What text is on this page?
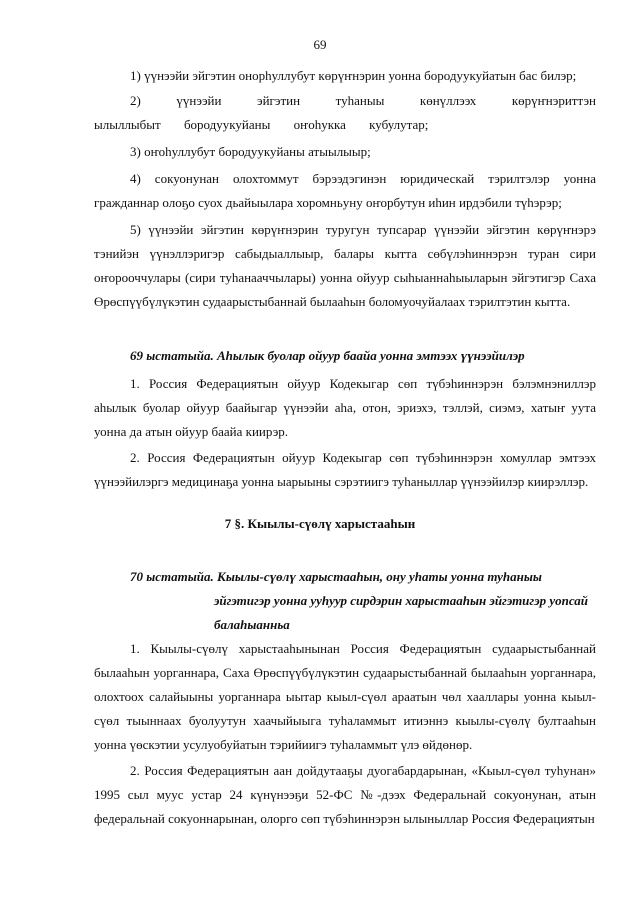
69

1) үүнээйи эйгэтин онорһуллубут көрүҥнэрин уонна бородуукуйатын бас билэр;

2) үүнээйи эйгэтин туһаныы көнүллээх көрүҥнэриттэн ылыллыбыт бородуукуйаны оҥоһукка кубулутар;

3) оҥоһуллубут бородуукуйаны атыылыыр;

4) сокуонунан олохтоммут бэрээдэгинэн юридическай тэрилтэлэр уонна гражданнар олоҕо суох дьайыылара хоромньуну оҥорбутун иһин ирдэбили түһэрэр;

5) үүнээйи эйгэтин көрүҥнэрин туругун тупсарар үүнээйи эйгэтин көрүҥнэрэ тэнийэн үүнэллэригэр сабыдыаллыыр, балары кытта сөбүлэһиннэрэн туран сири оҥорооччулары (сири туһанааччылары) уонна ойуур сыһыаннаһыыларын эйгэтигэр Саха Өрөспүүбүлүкэтин судаарыстыбаннай былааһын боломуочуйалаах тэрилтэтин кытта.

69 ыстатыйа. Аһылык буолар ойуур баайа уонна эмтээх үүнээйилэр

1. Россия Федерациятын ойуур Кодекыгар сөп түбэһиннэрэн бэлэмнэниллэр аһылык буолар ойуур баайыгар үүнээйи аһа, отон, эриэхэ, тэллэй, сиэмэ, хатыҥ уута уонна да атын ойуур баайа киирэр.

2. Россия Федерациятын ойуур Кодекыгар сөп түбэһиннэрэн хомуллар эмтээх үүнээйилэргэ медицинаҕа уонна ыарыыны сэрэтиигэ туһаныллар үүнээйилэр киирэллэр.

7 §. Кыылы-сүөлү харыстааһын
70 ыстатыйа. Кыылы-сүөлү харыстааһын, ону уһаты уонна туһаныы
эйгэтигэр уонна ууһуур сирдэрин харыстааһын эйгэтигэр уопсай
балаһыанньа

1. Кыылы-сүөлү харыстааһынынан Россия Федерациятын судаарыстыбаннай былааһын уорганнара, Саха Өрөспүүбүлүкэтин судаарыстыбаннай былааһын уорганнара, олохтоох салайыыны уорганнара ыытар кыыл-сүөл араатын чөл хааллары уонна кыыл-сүөл тыыннаах буолуутун хаачыйыыга туһаламмыт итиэннэ кыылы-сүөлү бултааһын уонна үөскэтии усулуобуйатын тэрийиигэ туһаламмыт үлэ өйдөнөр.

2. Россия Федерациятын аан дойдутааҕы дуогабардарынан, «Кыыл-сүөл туһунан» 1995 сыл муус устар 24 күнүнээҕи 52-ФС №-дээх Федеральнай сокуонунан, атын федеральнай сокуоннарынан, олорго сөп түбэһиннэрэн ылыныллар Россия Федерациятын
